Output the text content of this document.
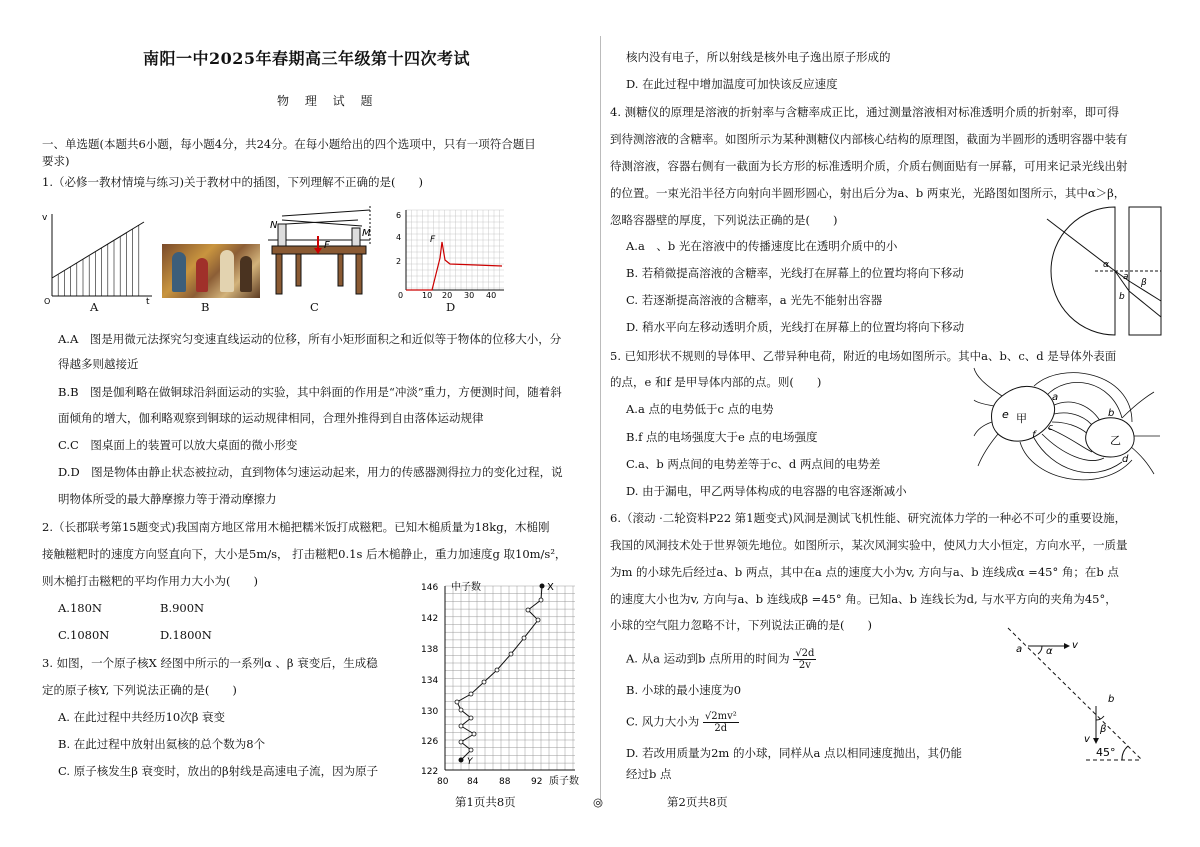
南阳一中2025年春期高三年级第十四次考试
物 理 试 题
一、单选题(本题共6小题，每小题4分，共24分。在每小题给出的四个选项中，只有一项符合题目
要求)
1.（必修一教材情境与练习)关于教材中的插图，下列理解不正确的是(　　)
v
t
O
N
M
F
6
4
2
0 10 20 30 40
F
A	B	C	D
A.A　图是用微元法探究匀变速直线运动的位移，所有小矩形面积之和近似等于物体的位移大小，分
得越多则越接近
B.B　图是伽利略在做铜球沿斜面运动的实验，其中斜面的作用是“冲淡”重力，方便测时间，随着斜
面倾角的增大，伽利略观察到铜球的运动规律相同，合理外推得到自由落体运动规律
C.C　图桌面上的装置可以放大桌面的微小形变
D.D　图是物体由静止状态被拉动，直到物体匀速运动起来，用力的传感器测得拉力的变化过程，说
明物体所受的最大静摩擦力等于滑动摩擦力
2.（长郡联考第15题变式)我国南方地区常用木槌把糯米饭打成糍粑。已知木槌质量为18kg，木槌刚
接触糍粑时的速度方向竖直向下，大小是5m/s， 打击糍粑0.1s 后木槌静止，重力加速度g 取10m/s²，
则木槌打击糍粑的平均作用力大小为(　　)
A.180N	B.900N
C.1080N	D.1800N
3. 如图，一个原子核X 经图中所示的一系列α 、β 衰变后，生成稳
定的原子核Y, 下列说法正确的是(　　)
A. 在此过程中共经历10次β 衰变
B. 在此过程中放射出氦核的总个数为8个
C. 原子核发生β 衰变时，放出的β射线是高速电子流，因为原子
146
142
138
134
130
126
122
80 84 88 92
中子数
质子数
X
Y
第1页共8页	◎
核内没有电子，所以射线是核外电子逸出原子形成的
D. 在此过程中增加温度可加快该反应速度
4. 测糖仪的原理是溶液的折射率与含糖率成正比，通过测量溶液相对标准透明介质的折射率，即可得
到待测溶液的含糖率。如图所示为某种测糖仪内部核心结构的原理图，截面为半圆形的透明容器中装有
待测溶液，容器右侧有一截面为长方形的标准透明介质，介质右侧面贴有一屏幕，可用来记录光线出射
的位置。一束光沿半径方向射向半圆形圆心，射出后分为a、b 两束光，光路图如图所示，其中α＞β，
忽略容器壁的厚度，下列说法正确的是(　　)
A.a　、b 光在溶液中的传播速度比在透明介质中的小
B. 若稍微提高溶液的含糖率，光线打在屏幕上的位置均将向下移动
C. 若逐渐提高溶液的含糖率，a 光先不能射出容器
D. 稍水平向左移动透明介质，光线打在屏幕上的位置均将向下移动
α
a
b
β
5. 已知形状不规则的导体甲、乙带异种电荷，附近的电场如图所示。其中a、b、c、d 是导体外表面
的点，e 和f 是甲导体内部的点。则(　　)
A.a 点的电势低于c 点的电势
B.f 点的电场强度大于e 点的电场强度
C.a、b 两点间的电势差等于c、d 两点间的电势差
D. 由于漏电，甲乙两导体构成的电容器的电容逐渐减小
e 甲
a
f
c
b
乙
d
6.（滚动 ·二轮资料P22 第1题变式)风洞是测试飞机性能、研究流体力学的一种必不可少的重要设施，
我国的风洞技术处于世界领先地位。如图所示，某次风洞实验中，使风力大小恒定，方向水平，一质量
为m 的小球先后经过a、b 两点，其中在a 点的速度大小为v, 方向与a、b 连线成α =45° 角；在b 点
的速度大小也为v, 方向与a、b 连线成β =45° 角。已知a、b 连线长为d, 与水平方向的夹角为45°，
小球的空气阻力忽略不计，下列说法正确的是(　　)
A. 从a 运动到b 点所用的时间为 $\frac{√2d}{2v}$
B. 小球的最小速度为0
C. 风力大小为 $\frac{\text{√2mv²}}{2d}$
D. 若改用质量为2m 的小球，同样从a 点以相同速度抛出，其仍能
经过b 点
a α
v
b
β
v
45°
第2页共8页
